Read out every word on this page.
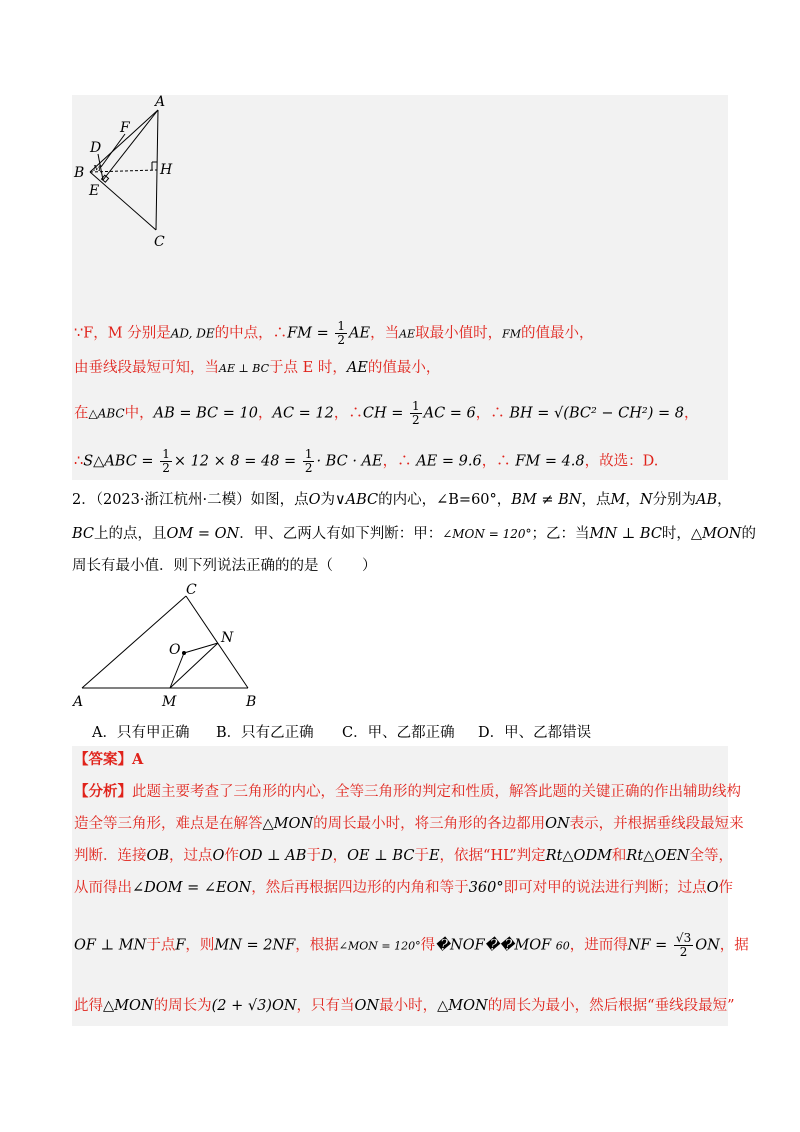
A
F
D
M
B
E
H
C
∵F，M 分别是AD, DE的中点，∴FM = $\frac{1}{2}$ AE，当AE取最小值时，FM的值最小，
由垂线段最短可知，当AE ⊥ BC于点 E 时，AE的值最小，
在△ABC中，AB = BC = 10，AC = 12，∴CH = $\frac{1}{2}$ AC = 6，∴ BH = √(BC² − CH²) = 8，
∴S△ABC = $\frac{1}{2} \times 12 \times 8 = 48 = \frac{1}{2}$ · BC · AE，∴ AE = 9.6，∴ FM = 4.8，故选：D.
2．（2023·浙江杭州·二模）如图，点O为∨ABC的内心，∠B=60°，BM ≠ BN，点M，N分别为AB，
BC上的点，且OM = ON．甲、乙两人有如下判断：甲：∠MON = 120°；乙：当MN ⊥ BC时，△MON的
周长有最小值．则下列说法正确的的是（　　）
C
O
N
A	M	B
A．只有甲正确 B．只有乙正确 C．甲、乙都正确 D．甲、乙都错误
【答案】A
【分析】此题主要考查了三角形的内心，全等三角形的判定和性质，解答此题的关键正确的作出辅助线构
造全等三角形，难点是在解答△MON的周长最小时，将三角形的各边都用ON表示，并根据垂线段最短来
判断．连接OB，过点O作OD ⊥ AB于D，OE ⊥ BC于E，依据“HL”判定Rt△ODM和Rt△OEN全等，
从而得出∠DOM = ∠EON，然后再根据四边形的内角和等于360°即可对甲的说法进行判断；过点O作
OF ⊥ MN于点F，则MN = 2NF，根据∠MON = 120°得�NOF��MOF 60，进而得NF = $\frac{√3}{2}$ ON，据
此得△MON的周长为(2 + √3)ON，只有当ON最小时，△MON的周长为最小，然后根据“垂线段最短”
